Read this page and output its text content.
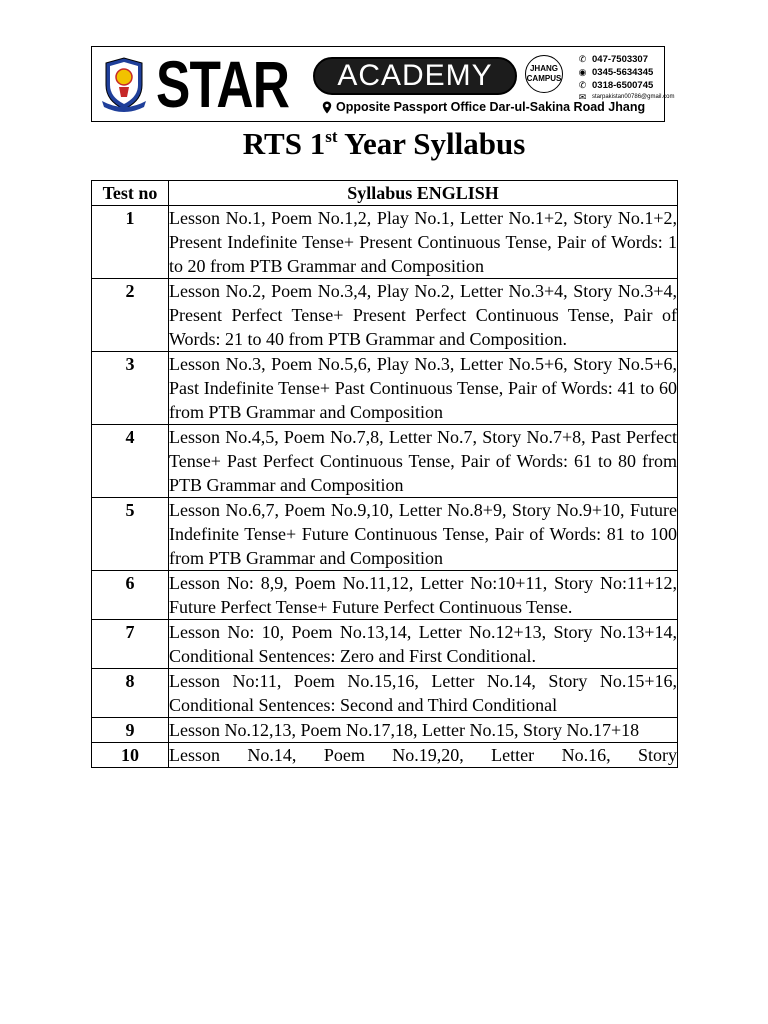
STAR	ACADEMY	JHANG
CAMPUS
Opposite Passport Office Dar-ul-Sakina Road Jhang
✆ 047-7503307
◉ 0345-5634345
✆ 0318-6500745
✉ starpakistan00786@gmail.com
RTS 1st Year Syllabus
Test no	Syllabus ENGLISH
1	Lesson No.1, Poem No.1,2, Play No.1, Letter No.1+2, Story No.1+2, Present Indefinite Tense+ Present Continuous Tense, Pair of Words: 1 to 20 from PTB Grammar and Composition
2	Lesson No.2, Poem No.3,4, Play No.2, Letter No.3+4, Story No.3+4, Present Perfect Tense+ Present Perfect Continuous Tense, Pair of Words: 21 to 40 from PTB Grammar and Composition.
3	Lesson No.3, Poem No.5,6, Play No.3, Letter No.5+6, Story No.5+6, Past Indefinite Tense+ Past Continuous Tense, Pair of Words: 41 to 60 from PTB Grammar and Composition
4	Lesson No.4,5, Poem No.7,8, Letter No.7, Story No.7+8, Past Perfect Tense+ Past Perfect Continuous Tense, Pair of Words: 61 to 80 from PTB Grammar and Composition
5	Lesson No.6,7, Poem No.9,10, Letter No.8+9, Story No.9+10, Future Indefinite Tense+ Future Continuous Tense, Pair of Words: 81 to 100 from PTB Grammar and Composition
6	Lesson No: 8,9, Poem No.11,12, Letter No:10+11, Story No:11+12, Future Perfect Tense+ Future Perfect Continuous Tense.
7	Lesson No: 10, Poem No.13,14, Letter No.12+13, Story No.13+14, Conditional Sentences: Zero and First Conditional.
8	Lesson No:11, Poem No.15,16, Letter No.14, Story No.15+16, Conditional Sentences: Second and Third Conditional
9	Lesson No.12,13, Poem No.17,18, Letter No.15, Story No.17+18
10	Lesson No.14, Poem No.19,20, Letter No.16, Story
